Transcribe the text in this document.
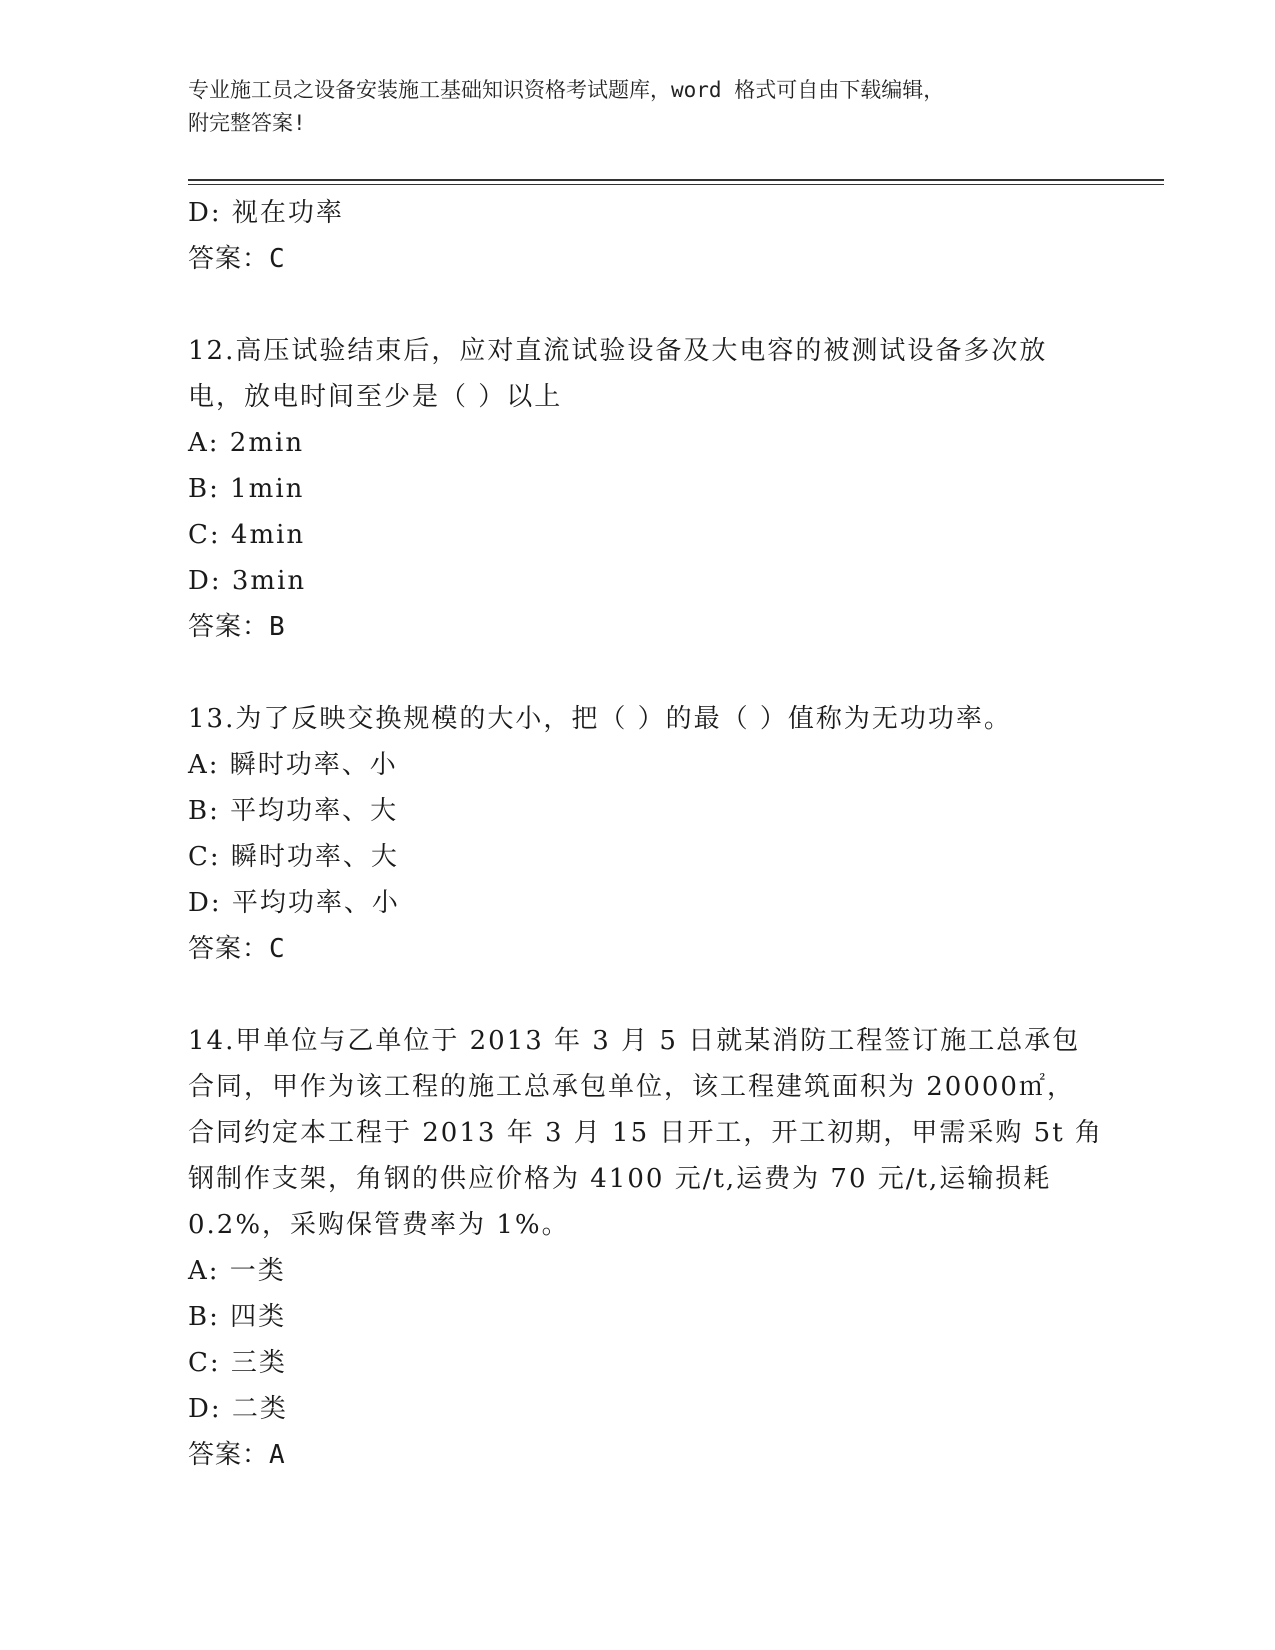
专业施工员之设备安装施工基础知识资格考试题库，word 格式可自由下载编辑，
附完整答案!
D: 视在功率
答案：C
12.高压试验结束后，应对直流试验设备及大电容的被测试设备多次放
电，放电时间至少是（ ）以上
A: 2min
B: 1min
C: 4min
D: 3min
答案：B
13.为了反映交换规模的大小，把（ ）的最（ ）值称为无功功率。
A: 瞬时功率、小
B: 平均功率、大
C: 瞬时功率、大
D: 平均功率、小
答案：C
14.甲单位与乙单位于 2013 年 3 月 5 日就某消防工程签订施工总承包
合同，甲作为该工程的施工总承包单位，该工程建筑面积为 20000㎡，
合同约定本工程于 2013 年 3 月 15 日开工，开工初期，甲需采购 5t 角
钢制作支架，角钢的供应价格为 4100 元/t,运费为 70 元/t,运输损耗
0.2%，采购保管费率为 1%。
A: 一类
B: 四类
C: 三类
D: 二类
答案：A
